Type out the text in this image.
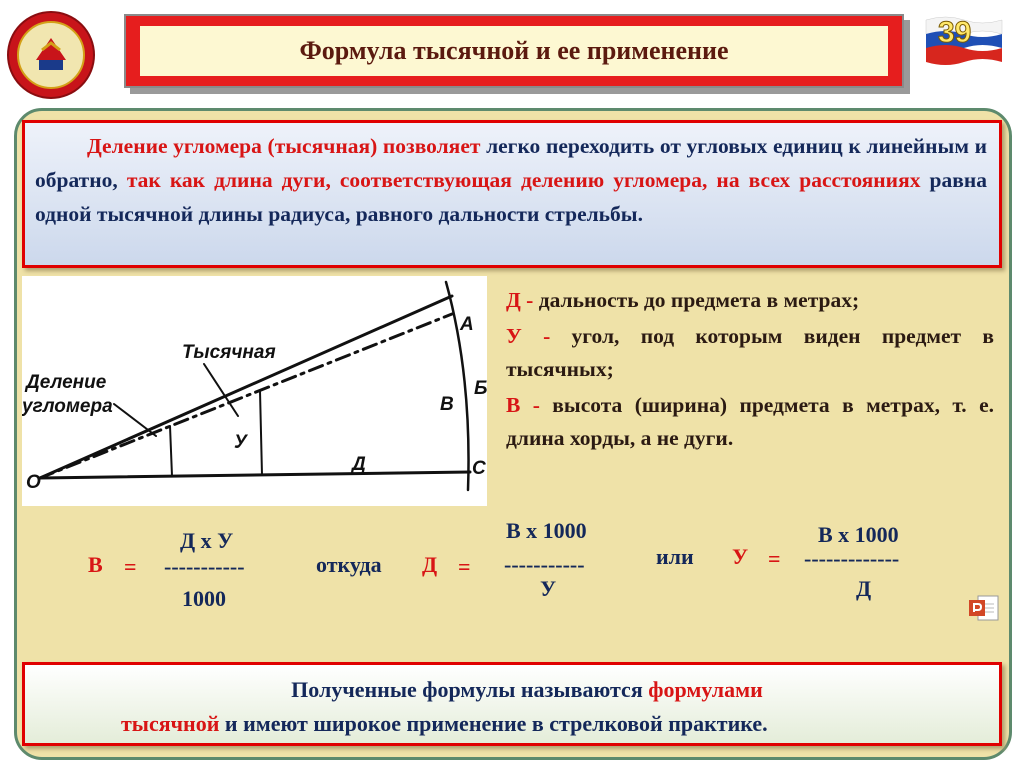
Формула тысячной и ее применение
39
Деление угломера (тысячная) позволяет легко переходить от угловых единиц к линейным и обратно, так как длина дуги, соответствующая делению угломера, на всех расстояниях равна одной тысячной длины радиуса, равного дальности стрельбы.
Деление
угломера
Тысячная
У
В
Д
О
А
Б
С
Д - дальность до предмета в метрах;
У - угол, под которым виден предмет в тысячных;
В - высота (ширина) предмета в метрах, т. е. длина хорды, а не дуги.
В =
Д х У
-----------
1000
откуда Д =
В х 1000
-----------
У
или У =
В х 1000
-------------
Д
Полученные формулы называются формулами
тысячной и имеют широкое применение в стрелковой практике.
